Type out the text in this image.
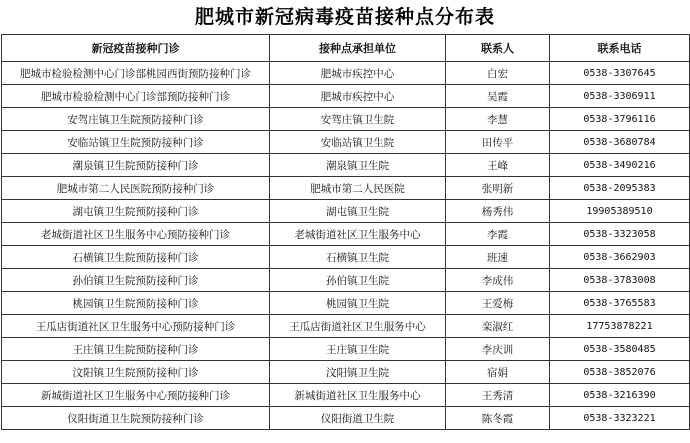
肥城市新冠病毒疫苗接种点分布表
新冠疫苗接种门诊	接种点承担单位	联系人	联系电话
肥城市检验检测中心门诊部桃园西街预防接种门诊	肥城市疾控中心	白宏	0538-3307645
肥城市检验检测中心门诊部预防接种门诊	肥城市疾控中心	吴霞	0538-3306911
安驾庄镇卫生院预防接种门诊	安驾庄镇卫生院	李慧	0538-3796116
安临站镇卫生院预防接种门诊	安临站镇卫生院	田传平	0538-3680784
潮泉镇卫生院预防接种门诊	潮泉镇卫生院	王峰	0538-3490216
肥城市第二人民医院预防接种门诊	肥城市第二人民医院	张明新	0538-2095383
湖屯镇卫生院预防接种门诊	湖屯镇卫生院	杨秀伟	19905389510
老城街道社区卫生服务中心预防接种门诊	老城街道社区卫生服务中心	李霞	0538-3323058
石横镇卫生院预防接种门诊	石横镇卫生院	班速	0538-3662903
孙伯镇卫生院预防接种门诊	孙伯镇卫生院	李成伟	0538-3783008
桃园镇卫生院预防接种门诊	桃园镇卫生院	王爱梅	0538-3765583
王瓜店街道社区卫生服务中心预防接种门诊	王瓜店街道社区卫生服务中心	栾淑红	17753878221
王庄镇卫生院预防接种门诊	王庄镇卫生院	李庆训	0538-3580485
汶阳镇卫生院预防接种门诊	汶阳镇卫生院	宿娟	0538-3852076
新城街道社区卫生服务中心预防接种门诊	新城街道社区卫生服务中心	王秀清	0538-3216390
仪阳街道卫生院预防接种门诊	仪阳街道卫生院	陈冬霞	0538-3323221
